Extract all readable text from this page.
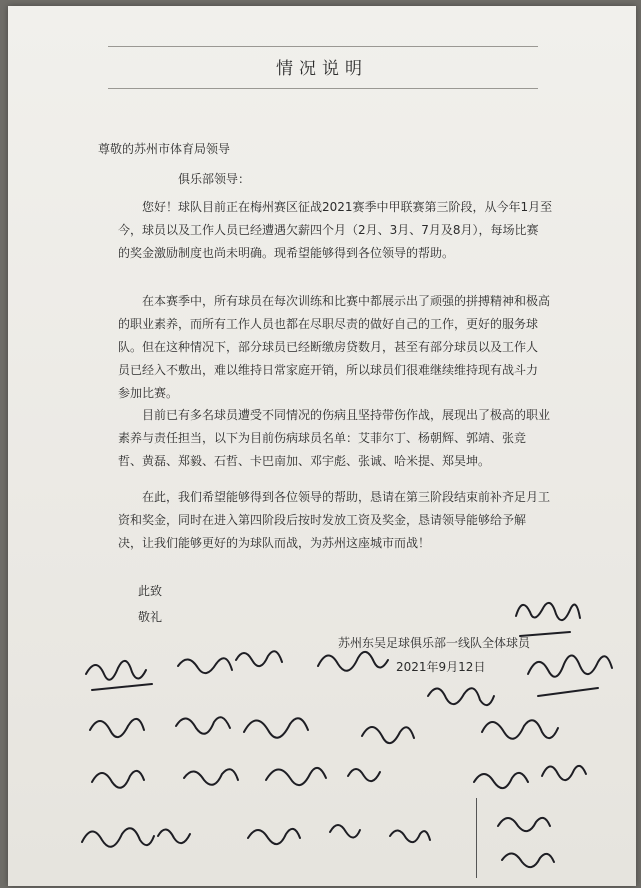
情况说明
尊敬的苏州市体育局领导
俱乐部领导：
您好！球队目前正在梅州赛区征战2021赛季中甲联赛第三阶段，从今年1月至
今，球员以及工作人员已经遭遇欠薪四个月（2月、3月、7月及8月），每场比赛
的奖金激励制度也尚未明确。现希望能够得到各位领导的帮助。
在本赛季中，所有球员在每次训练和比赛中都展示出了顽强的拼搏精神和极高
的职业素养，而所有工作人员也都在尽职尽责的做好自己的工作，更好的服务球
队。但在这种情况下，部分球员已经断缴房贷数月，甚至有部分球员以及工作人
员已经入不敷出，难以维持日常家庭开销，所以球员们很难继续维持现有战斗力
参加比赛。
目前已有多名球员遭受不同情况的伤病且坚持带伤作战，展现出了极高的职业
素养与责任担当，以下为目前伤病球员名单：艾菲尔丁、杨朝辉、郭靖、张竞
哲、黄磊、郑毅、石哲、卡巴南加、邓宇彪、张诚、哈米提、郑昊坤。
在此，我们希望能够得到各位领导的帮助，恳请在第三阶段结束前补齐足月工
资和奖金，同时在进入第四阶段后按时发放工资及奖金，恳请领导能够给予解
决，让我们能够更好的为球队而战，为苏州这座城市而战！
此致
敬礼
苏州东吴足球俱乐部一线队全体球员
2021年9月12日
